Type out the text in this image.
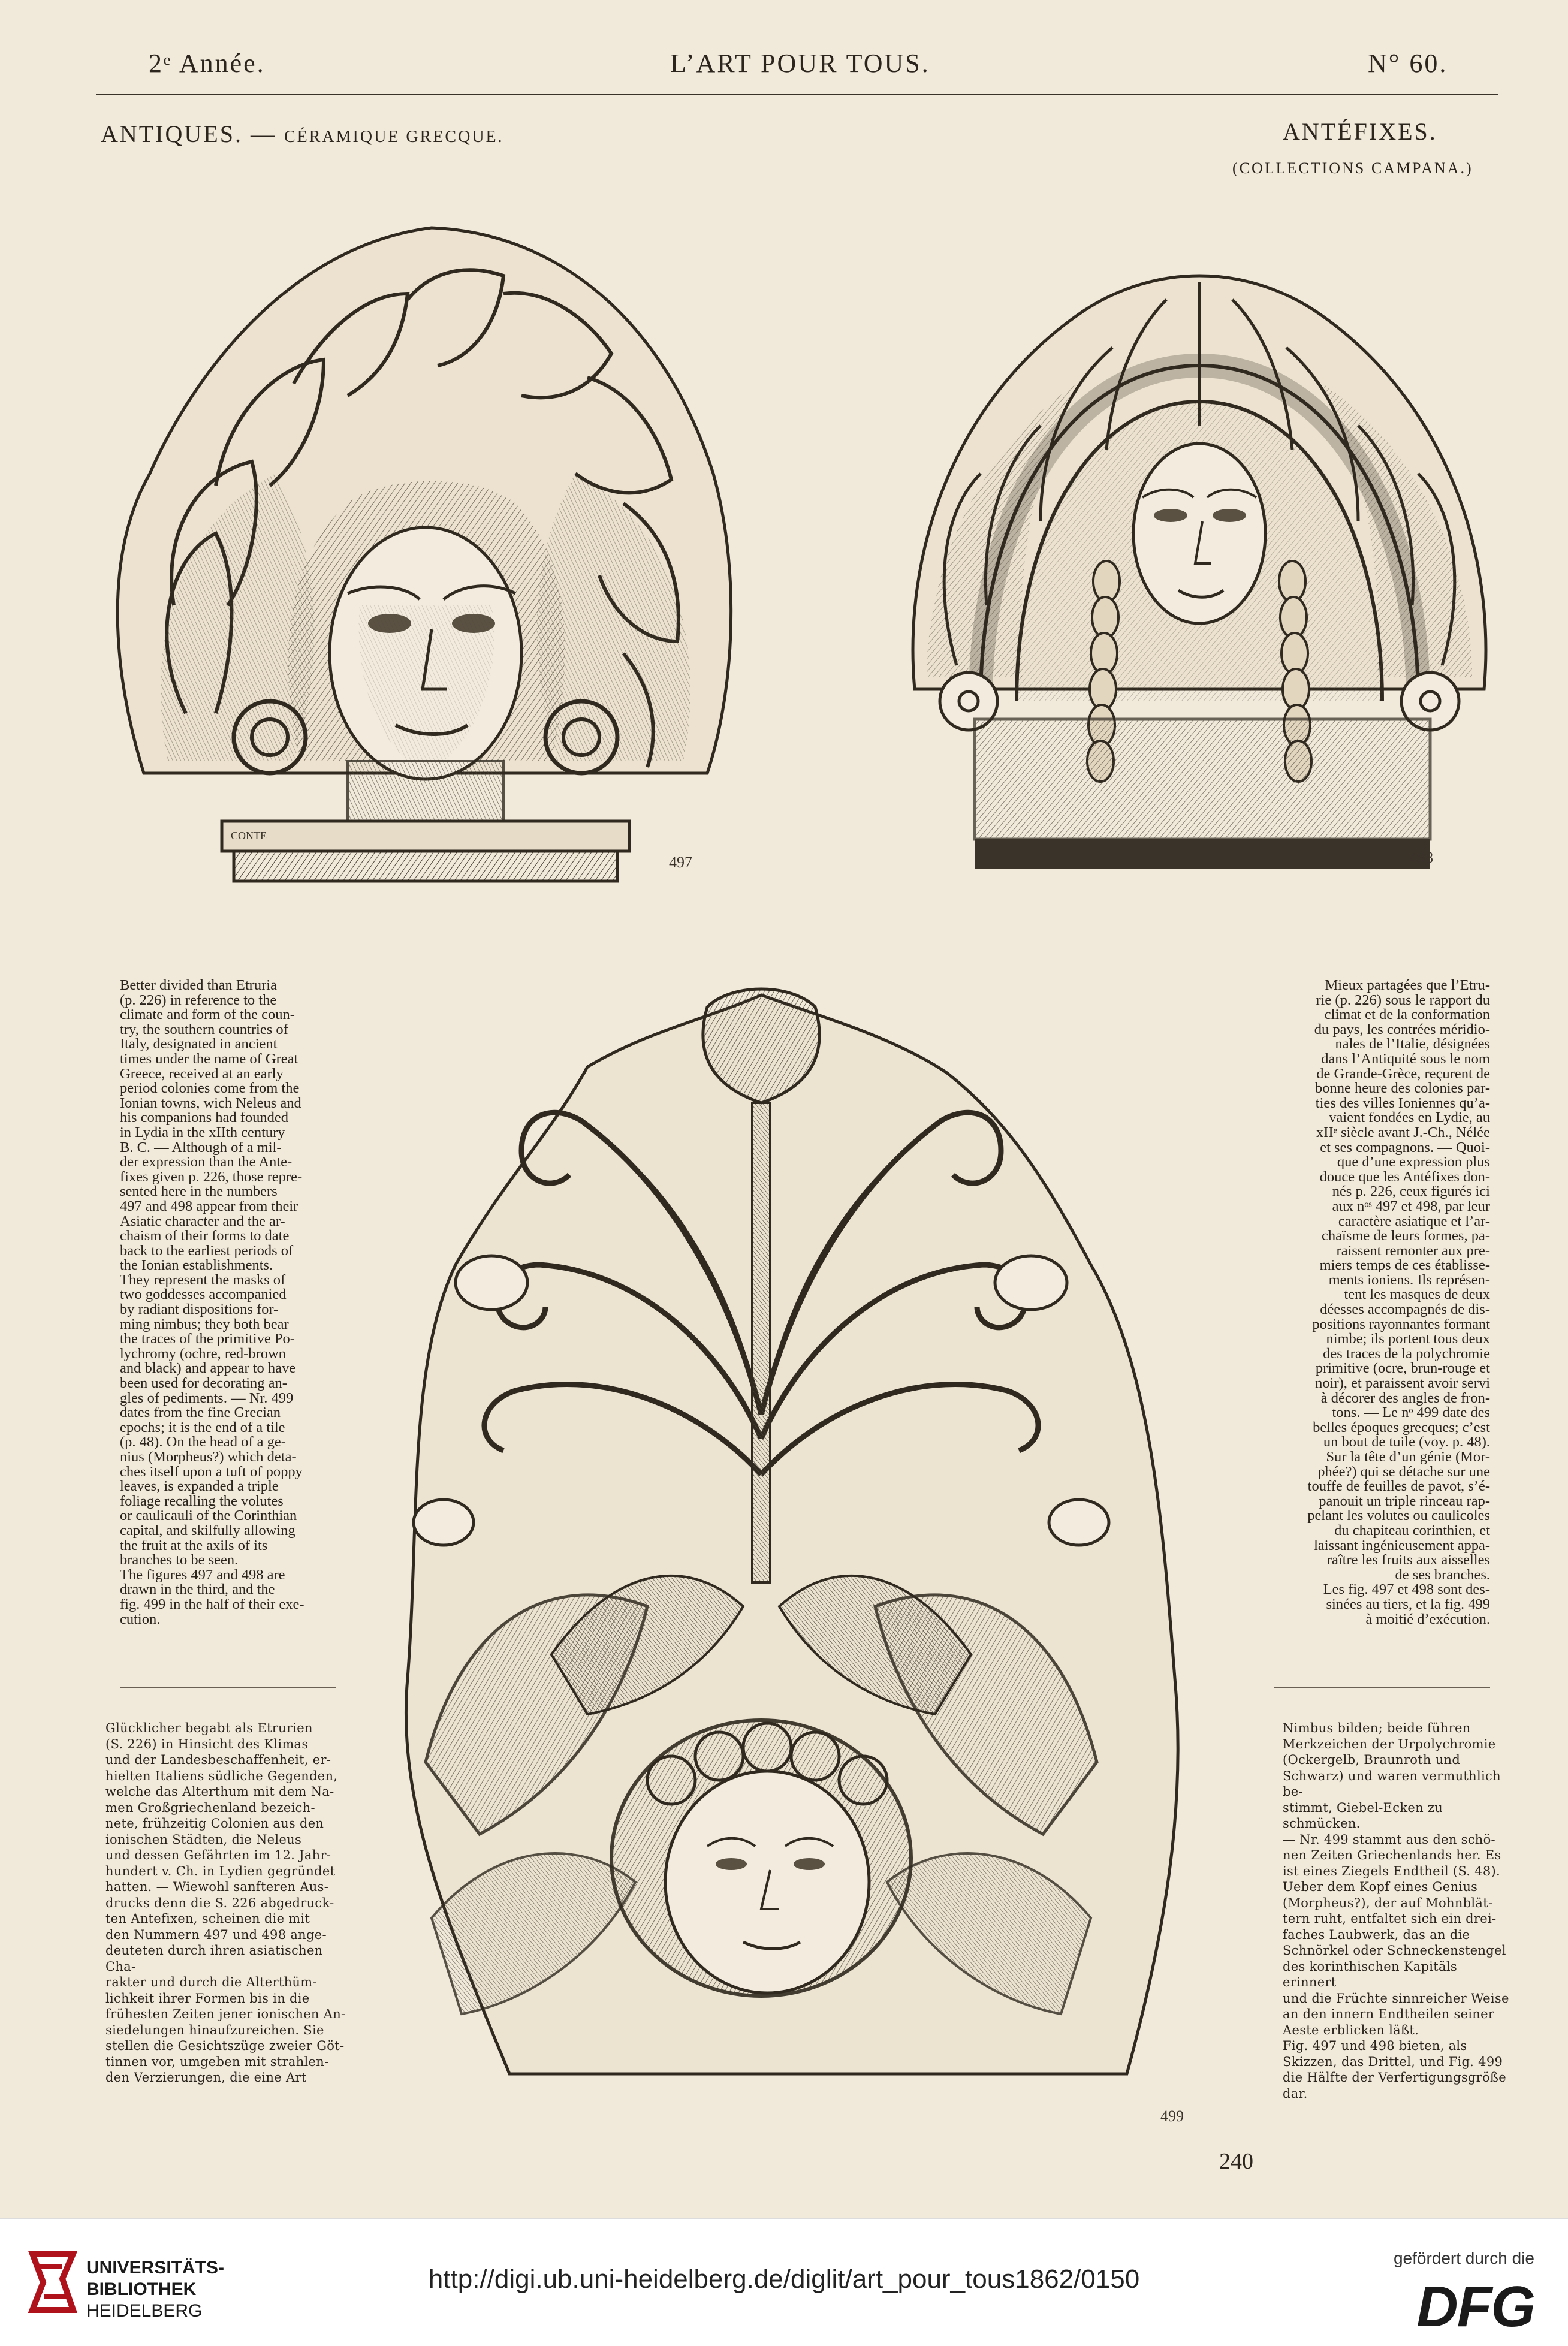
2ᵉ Année.	L’ART POUR TOUS.	N° 60.
ANTIQUES. — CÉRAMIQUE GRECQUE.	ANTÉFIXES.
(COLLECTIONS CAMPANA.)
CONTE
497	498
Better divided than Etruria
(p. 226) in reference to the
climate and form of the coun-
try, the southern countries of
Italy, designated in ancient
times under the name of Great
Greece, received at an early
period colonies come from the
Ionian towns, wich Neleus and
his companions had founded
in Lydia in the xIIth century
B. C. — Although of a mil-
der expression than the Ante-
fixes given p. 226, those repre-
sented here in the numbers
497 and 498 appear from their
Asiatic character and the ar-
chaism of their forms to date
back to the earliest periods of
the Ionian establishments.
They represent the masks of
two goddesses accompanied
by radiant dispositions for-
ming nimbus; they both bear
the traces of the primitive Po-
lychromy (ochre, red-brown
and black) and appear to have
been used for decorating an-
gles of pediments. — Nr. 499
dates from the fine Grecian
epochs; it is the end of a tile
(p. 48). On the head of a ge-
nius (Morpheus?) which deta-
ches itself upon a tuft of poppy
leaves, is expanded a triple
foliage recalling the volutes
or caulicauli of the Corinthian
capital, and skilfully allowing
the fruit at the axils of its
branches to be seen.
The figures 497 and 498 are
drawn in the third, and the
fig. 499 in the half of their exe-
cution.
Mieux partagées que l’Etru-
rie (p. 226) sous le rapport du
climat et de la conformation
du pays, les contrées méridio-
nales de l’Italie, désignées
dans l’Antiquité sous le nom
de Grande-Grèce, reçurent de
bonne heure des colonies par-
ties des villes Ioniennes qu’a-
vaient fondées en Lydie, au
xIIᵉ siècle avant J.-Ch., Nélée
et ses compagnons. — Quoi-
que d’une expression plus
douce que les Antéfixes don-
nés p. 226, ceux figurés ici
aux nᵒˢ 497 et 498, par leur
caractère asiatique et l’ar-
chaïsme de leurs formes, pa-
raissent remonter aux pre-
miers temps de ces établisse-
ments ioniens. Ils représen-
tent les masques de deux
déesses accompagnés de dis-
positions rayonnantes formant
nimbe; ils portent tous deux
des traces de la polychromie
primitive (ocre, brun-rouge et
noir), et paraissent avoir servi
à décorer des angles de fron-
tons. — Le nᵒ 499 date des
belles époques grecques; c’est
un bout de tuile (voy. p. 48).
Sur la tête d’un génie (Mor-
phée?) qui se détache sur une
touffe de feuilles de pavot, s’é-
panouit un triple rinceau rap-
pelant les volutes ou caulicoles
du chapiteau corinthien, et
laissant ingénieusement appa-
raître les fruits aux aisselles
de ses branches.
Les fig. 497 et 498 sont des-
sinées au tiers, et la fig. 499
à moitié d’exécution.
499
Glücklicher begabt als Etrurien
(S. 226) in Hinsicht des Klimas
und der Landesbeschaffenheit, er-
hielten Italiens südliche Gegenden,
welche das Alterthum mit dem Na-
men Großgriechenland bezeich-
nete, frühzeitig Colonien aus den
ionischen Städten, die Neleus
und dessen Gefährten im 12. Jahr-
hundert v. Ch. in Lydien gegründet
hatten. — Wiewohl sanfteren Aus-
drucks denn die S. 226 abgedruck-
ten Antefixen, scheinen die mit
den Nummern 497 und 498 ange-
deuteten durch ihren asiatischen Cha-
rakter und durch die Alterthüm-
lichkeit ihrer Formen bis in die
frühesten Zeiten jener ionischen An-
siedelungen hinaufzureichen. Sie
stellen die Gesichtszüge zweier Göt-
tinnen vor, umgeben mit strahlen-
den Verzierungen, die eine Art
Nimbus bilden; beide führen
Merkzeichen der Urpolychromie
(Ockergelb, Braunroth und
Schwarz) und waren vermuthlich be-
stimmt, Giebel-Ecken zu schmücken.
— Nr. 499 stammt aus den schö-
nen Zeiten Griechenlands her. Es
ist eines Ziegels Endtheil (S. 48).
Ueber dem Kopf eines Genius
(Morpheus?), der auf Mohnblät-
tern ruht, entfaltet sich ein drei-
faches Laubwerk, das an die
Schnörkel oder Schneckenstengel
des korinthischen Kapitäls erinnert
und die Früchte sinnreicher Weise
an den innern Endtheilen seiner
Aeste erblicken läßt.
Fig. 497 und 498 bieten, als
Skizzen, das Drittel, und Fig. 499
die Hälfte der Verfertigungsgröße
dar.
240
UNIVERSITÄTS-
BIBLIOTHEK
HEIDELBERG
http://digi.ub.uni-heidelberg.de/diglit/art_pour_tous1862/0150
gefördert durch die
DFG
